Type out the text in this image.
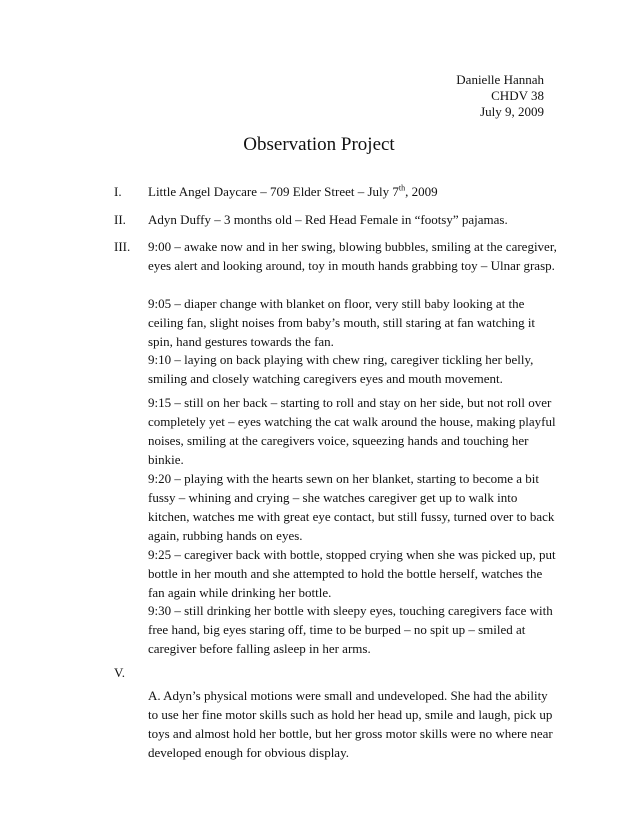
Danielle Hannah
CHDV 38
July 9, 2009
Observation Project
I. Little Angel Daycare – 709 Elder Street – July 7th, 2009
II. Adyn Duffy – 3 months old – Red Head Female in “footsy” pajamas.
III. 9:00 – awake now and in her swing, blowing bubbles, smiling at the caregiver,
eyes alert and looking around, toy in mouth hands grabbing toy – Ulnar grasp.
9:05 – diaper change with blanket on floor, very still baby looking at the
ceiling fan, slight noises from baby’s mouth, still staring at fan watching it
spin, hand gestures towards the fan.
9:10 – laying on back playing with chew ring, caregiver tickling her belly,
smiling and closely watching caregivers eyes and mouth movement.
9:15 – still on her back – starting to roll and stay on her side, but not roll over
completely yet – eyes watching the cat walk around the house, making playful
noises, smiling at the caregivers voice, squeezing hands and touching her
binkie.
9:20 – playing with the hearts sewn on her blanket, starting to become a bit
fussy – whining and crying – she watches caregiver get up to walk into
kitchen, watches me with great eye contact, but still fussy, turned over to back
again, rubbing hands on eyes.
9:25 – caregiver back with bottle, stopped crying when she was picked up, put
bottle in her mouth and she attempted to hold the bottle herself, watches the
fan again while drinking her bottle.
9:30 – still drinking her bottle with sleepy eyes, touching caregivers face with
free hand, big eyes staring off, time to be burped – no spit up – smiled at
caregiver before falling asleep in her arms.
V.
A. Adyn’s physical motions were small and undeveloped. She had the ability
to use her fine motor skills such as hold her head up, smile and laugh, pick up
toys and almost hold her bottle, but her gross motor skills were no where near
developed enough for obvious display.
